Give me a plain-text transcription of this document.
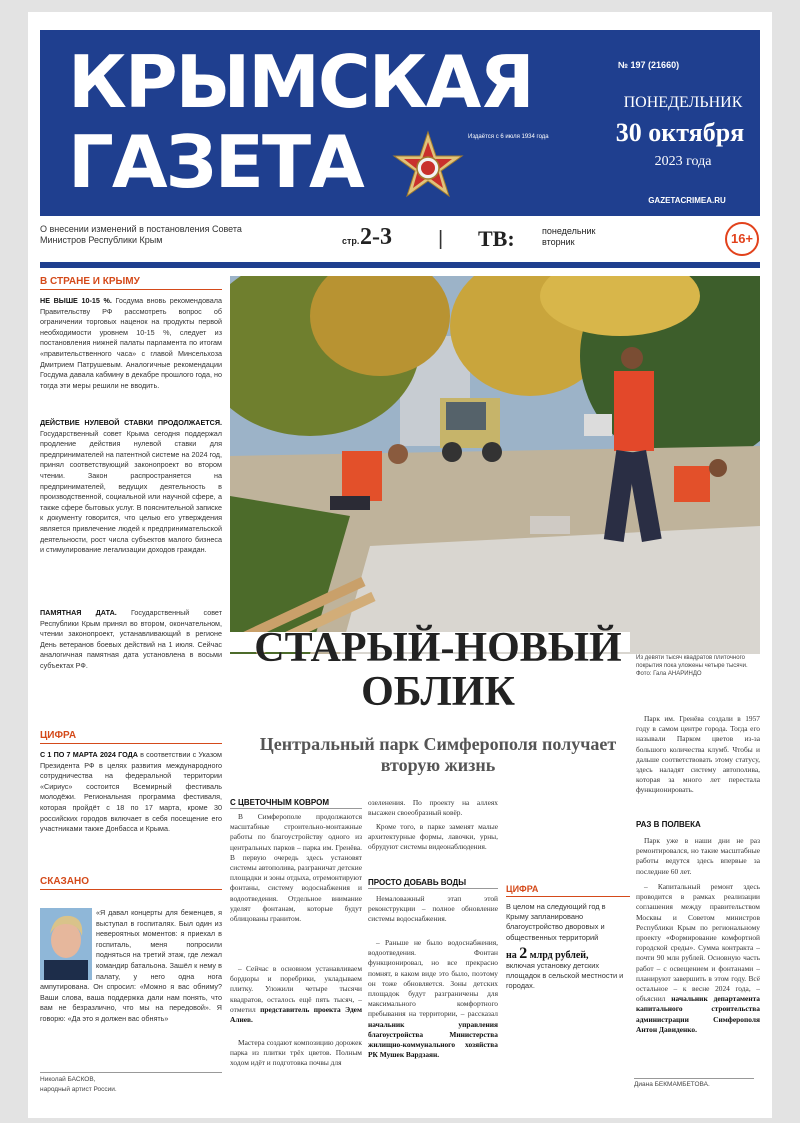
КРЫМСКАЯ
ГАЗЕТА	Издаётся с 6 июля 1934 года
№ 197 (21660)
ПОНЕДЕЛЬНИК
30 октября
2023 года
GAZETACRIMEA.RU
О внесении изменений в постановления Совета Министров Республики Крым	стр. 2-3 | ТВ:	понедельник вторник	16+
В СТРАНЕ И КРЫМУ
НЕ ВЫШЕ 10-15 %. Госдума вновь рекомендовала Правительству РФ рассмотреть вопрос об ограничении торговых наценок на продукты первой необходимости уровнем 10-15 %, следует из постановления нижней палаты парламента по итогам «правительственного часа» с главой Минсельхоза Дмитрием Патрушевым. Аналогичные рекомендации Госдума давала кабмину в декабре прошлого года, но тогда эти меры решили не вводить.
ДЕЙСТВИЕ НУЛЕВОЙ СТАВКИ ПРОДОЛЖАЕТСЯ. Государственный совет Крыма сегодня поддержал продление действия нулевой ставки для предпринимателей на патентной системе на 2024 год, принял соответствующий законопроект во втором чтении. Закон распространяется на предпринимателей, ведущих деятельность в производственной, социальной или научной сфере, а также сфере бытовых услуг. В пояснительной записке к документу говорится, что целью его утверждения является привлечение людей к предпринимательской деятельности, рост числа субъектов малого бизнеса и стимулирование легализации доходов граждан.
ПАМЯТНАЯ ДАТА. Государственный совет Республики Крым принял во втором, окончательном, чтении законопроект, устанавливающий в регионе День ветеранов боевых действий на 1 июля. Сейчас аналогичная памятная дата установлена в восьми субъектах РФ.
ЦИФРА
С 1 ПО 7 МАРТА 2024 ГОДА в соответствии с Указом Президента РФ в целях развития международного сотрудничества на федеральной территории «Сириус» состоится Всемирный фестиваль молодёжи. Региональная программа фестиваля, которая пройдёт с 18 по 17 марта, кроме 30 российских городов включает в себя посещение его участниками также Донбасса и Крыма.
СКАЗАНО
«Я давал концерты для беженцев, я выступал в госпиталях. Был один из невероятных моментов: я приехал в госпиталь, меня попросили подняться на третий этаж, где лежал командир батальона. Зашёл к нему в палату, у него одна нога ампутирована. Он спросил: «Можно я вас обниму? Ваши слова, ваша поддержка дали нам понять, что вам не безразлично, что мы на передовой». Я говорю: «Да это я должен вас обнять»
Николай БАСКОВ,
народный артист России.
Из девяти тысяч квадратов плиточного покрытия пока уложены четыре тысячи.
Фото: Гала АНАРИНДО
СТАРЫЙ-НОВЫЙ
ОБЛИК
Центральный парк Симферополя получает вторую жизнь
Парк им. Гренёва создали в 1957 году в самом центре города. Тогда его называли Парком цветов из-за большого количества клумб. Чтобы и дальше соответствовать этому статусу, здесь наладят систему автополива, которая за много лет перестала функционировать.
РАЗ В ПОЛВЕКА
Парк уже в наши дни не раз ремонтировался, но такие масштабные работы ведутся здесь впервые за последние 60 лет.
– Капитальный ремонт здесь проводится в рамках реализации соглашения между правительством Москвы и Советом министров Республики Крым по региональному проекту «Формирование комфортной городской среды». Сумма контракта – почти 90 млн рублей. Основную часть работ – с освещением и фонтанами – планируют завершить в этом году. Всё остальное – к весне 2024 года, – объяснил начальник департамента капитального строительства администрации Симферополя Антон Давиденко.
Диана БЕКМАМБЕТОВА.
С ЦВЕТОЧНЫМ КОВРОМ
В Симферополе продолжаются масштабные строительно-монтажные работы по благоустройству одного из центральных парков – парка им. Гренёва. В первую очередь здесь установят системы автополива, разграничат детские площадки и зоны отдыха, отремонтируют фонтаны, систему водоснабжения и водоотведения. Отдельное внимание уделят фонтанам, которые будут облицованы гранитом.
– Сейчас в основном устанавливаем бордюры и поребрики, укладываем плитку. Уложили четыре тысячи квадратов, осталось ещё пять тысяч, – отметил представитель проекта Эдем Алиев.
Мастера создают композицию дорожек парка из плитки трёх цветов. Полным ходом идёт и подготовка почвы для
озеленения. По проекту на аллеях высажен своеобразный ковёр.
Кроме того, в парке заменят малые архитектурные формы, лавочки, урны, обрудуют системы видеонаблюдения.
ПРОСТО ДОБАВЬ ВОДЫ
Немаловажный этап этой реконструкции – полное обновление системы водоснабжения.
– Раньше не было водоснабжения, водоотведения. Фонтан функционировал, но все прекрасно помнят, в каком виде это было, поэтому он тоже обновляется. Зоны детских площадок будут разграничены для максимального комфортного пребывания на территории, – рассказал начальник управления благоустройства Министерства жилищно-коммунального хозяйства РК Мушек Вардзаян.
ЦИФРА
В целом на следующий год в Крыму запланировано благоустройство дворовых и общественных территорий
на 2 млрд рублей,
включая установку детских площадок в сельской местности и городах.
